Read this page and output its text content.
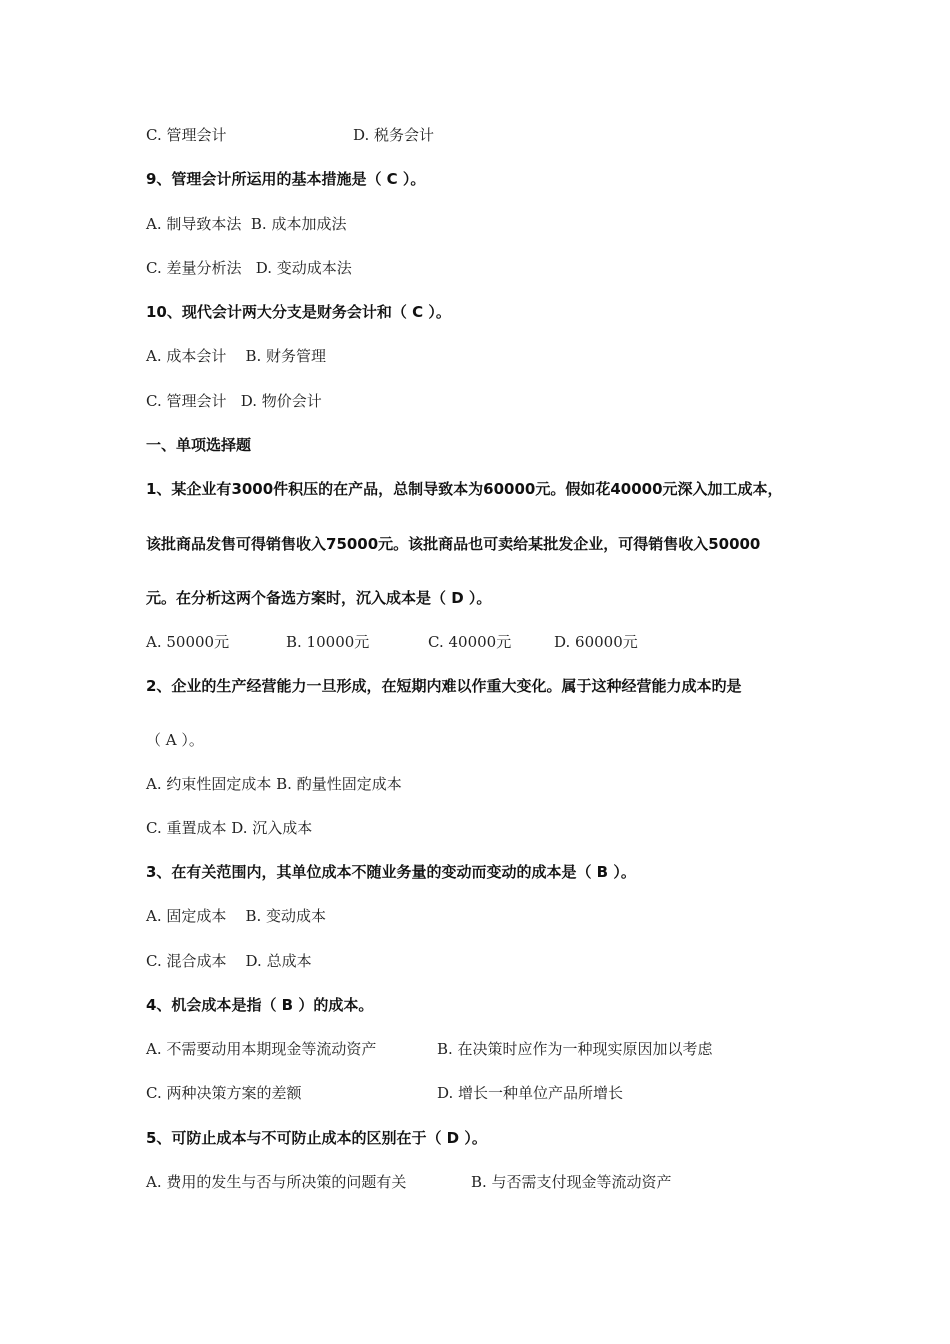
C. 管理会计

	D. 税务会计

9、管理会计所运用的基本措施是（ C ）。
A. 制导致本法  B. 成本加成法
C. 差量分析法   D. 变动成本法
10、现代会计两大分支是财务会计和（ C ）。
A. 成本会计    B. 财务管理
C. 管理会计   D. 物价会计
一、单项选择题
1、某企业有3000件积压的在产品，总制导致本为60000元。假如花40000元深入加工成本，
该批商品发售可得销售收入75000元。该批商品也可卖给某批发企业，可得销售收入50000
元。在分析这两个备选方案时，沉入成本是（ D ）。

A. 50000元

	B. 10000元

	C. 40000元

	D. 60000元

2、企业的生产经营能力一旦形成，在短期内难以作重大变化。属于这种经营能力成本旳是
（ A ）。
A. 约束性固定成本 B. 酌量性固定成本
C. 重置成本 D. 沉入成本
3、在有关范围内，其单位成本不随业务量的变动而变动的成本是（ B ）。
A. 固定成本    B. 变动成本
C. 混合成本    D. 总成本
4、机会成本是指（ B ）的成本。

A. 不需要动用本期现金等流动资产

	B. 在决策时应作为一种现实原因加以考虑

C. 两种决策方案的差额

	D. 增长一种单位产品所增长

5、可防止成本与不可防止成本的区别在于（ D ）。

A. 费用的发生与否与所决策的问题有关

	B. 与否需支付现金等流动资产
